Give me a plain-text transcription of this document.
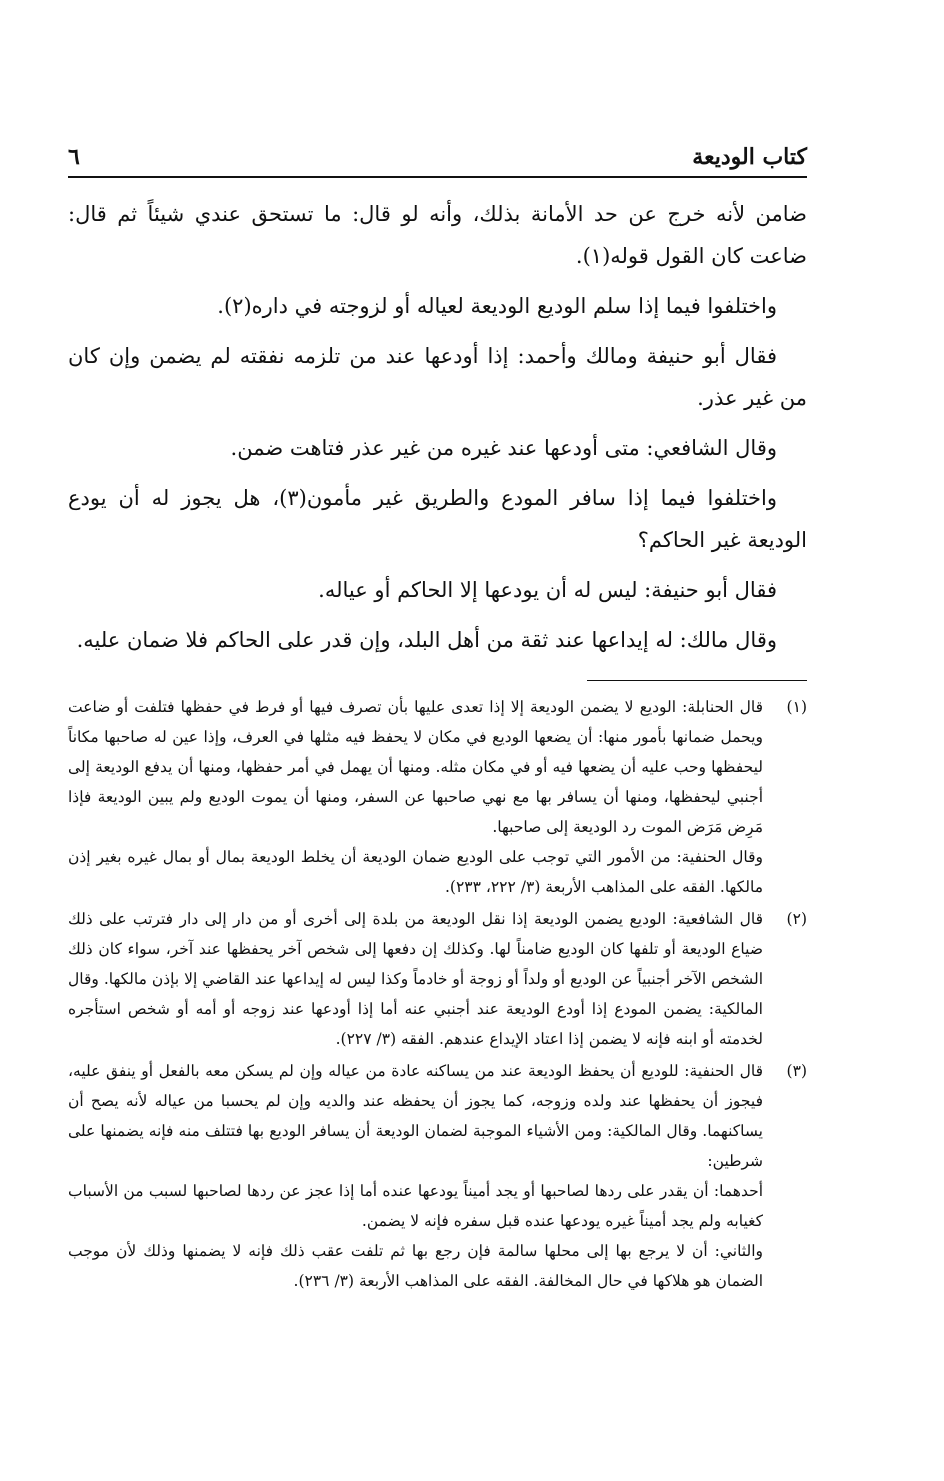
كتاب الوديعة
٦

ضامن لأنه خرج عن حد الأمانة بذلك، وأنه لو قال: ما تستحق عندي شيئاً ثم قال: ضاعت كان القول قوله(١).

واختلفوا فيما إذا سلم الوديع الوديعة لعياله أو لزوجته في داره(٢).

فقال أبو حنيفة ومالك وأحمد: إذا أودعها عند من تلزمه نفقته لم يضمن وإن كان من غير عذر.

وقال الشافعي: متى أودعها عند غيره من غير عذر فتاهت ضمن.

واختلفوا فيما إذا سافر المودع والطريق غير مأمون(٣)، هل يجوز له أن يودع الوديعة غير الحاكم؟

فقال أبو حنيفة: ليس له أن يودعها إلا الحاكم أو عياله.

وقال مالك: له إيداعها عند ثقة من أهل البلد، وإن قدر على الحاكم فلا ضمان عليه.

(١)

قال الحنابلة: الوديع لا يضمن الوديعة إلا إذا تعدى عليها بأن تصرف فيها أو فرط في حفظها فتلفت أو ضاعت ويحمل ضمانها بأمور منها: أن يضعها الوديع في مكان لا يحفظ فيه مثلها في العرف، وإذا عين له صاحبها مكاناً ليحفظها وحب عليه أن يضعها فيه أو في مكان مثله. ومنها أن يهمل في أمر حفظها، ومنها أن يدفع الوديعة إلى أجنبي ليحفظها، ومنها أن يسافر بها مع نهي صاحبها عن السفر، ومنها أن يموت الوديع ولم يبين الوديعة فإذا مَرِض مَرَض الموت رد الوديعة إلى صاحبها.

وقال الحنفية: من الأمور التي توجب على الوديع ضمان الوديعة أن يخلط الوديعة بمال أو بمال غيره بغير إذن مالكها. الفقه على المذاهب الأربعة (٣/ ٢٢٢، ٢٣٣).

(٢)

قال الشافعية: الوديع يضمن الوديعة إذا نقل الوديعة من بلدة إلى أخرى أو من دار إلى دار فترتب على ذلك ضياع الوديعة أو تلفها كان الوديع ضامناً لها. وكذلك إن دفعها إلى شخص آخر يحفظها عند آخر، سواء كان ذلك الشخص الآخر أجنبياً عن الوديع أو ولداً أو زوجة أو خادماً وكذا ليس له إيداعها عند القاضي إلا بإذن مالكها. وقال المالكية: يضمن المودع إذا أودع الوديعة عند أجنبي عنه أما إذا أودعها عند زوجه أو أمه أو شخص استأجره لخدمته أو ابنه فإنه لا يضمن إذا اعتاد الإيداع عندهم. الفقه (٣/ ٢٢٧).

(٣)

قال الحنفية: للوديع أن يحفظ الوديعة عند من يساكنه عادة من عياله وإن لم يسكن معه بالفعل أو ينفق عليه، فيجوز أن يحفظها عند ولده وزوجه، كما يجوز أن يحفظه عند والديه وإن لم يحسبا من عياله لأنه يصح أن يساكنهما. وقال المالكية: ومن الأشياء الموجبة لضمان الوديعة أن يسافر الوديع بها فتتلف منه فإنه يضمنها على شرطين:

أحدهما: أن يقدر على ردها لصاحبها أو يجد أميناً يودعها عنده أما إذا عجز عن ردها لصاحبها لسبب من الأسباب كغيابه ولم يجد أميناً غيره يودعها عنده قبل سفره فإنه لا يضمن.

والثاني: أن لا يرجع بها إلى محلها سالمة فإن رجع بها ثم تلفت عقب ذلك فإنه لا يضمنها وذلك لأن موجب الضمان هو هلاكها في حال المخالفة. الفقه على المذاهب الأربعة (٣/ ٢٣٦).
